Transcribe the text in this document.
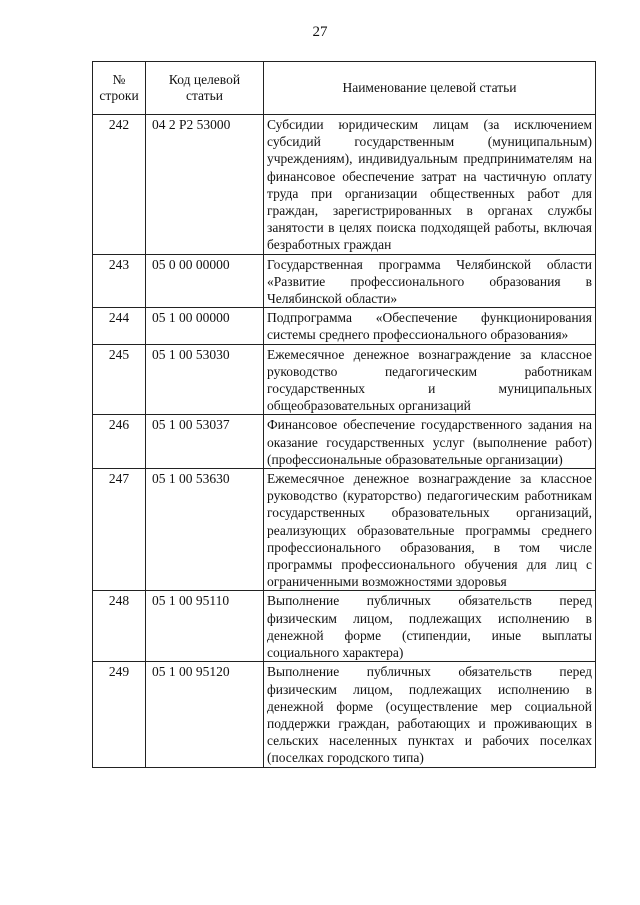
27
№ строки	Код целевой статьи	Наименование целевой статьи
242	04 2 Р2 53000	Субсидии юридическим лицам (за исключением субсидий государственным (муниципальным) учреждениям), индивидуальным предпринимателям на финансовое обеспечение затрат на частичную оплату труда при организации общественных работ для граждан, зарегистрированных в органах службы занятости в целях поиска подходящей работы, включая безработных граждан
243	05 0 00 00000	Государственная программа Челябинской области «Развитие профессионального образования в Челябинской области»
244	05 1 00 00000	Подпрограмма «Обеспечение функционирования системы среднего профессионального образования»
245	05 1 00 53030	Ежемесячное денежное вознаграждение за классное руководство педагогическим работникам государственных и муниципальных общеобразовательных организаций
246	05 1 00 53037	Финансовое обеспечение государственного задания на оказание государственных услуг (выполнение работ) (профессиональные образовательные организации)
247	05 1 00 53630	Ежемесячное денежное вознаграждение за классное руководство (кураторство) педагогическим работникам государственных образовательных организаций, реализующих образовательные программы среднего профессионального образования, в том числе программы профессионального обучения для лиц с ограниченными возможностями здоровья
248	05 1 00 95110	Выполнение публичных обязательств перед физическим лицом, подлежащих исполнению в денежной форме (стипендии, иные выплаты социального характера)
249	05 1 00 95120	Выполнение публичных обязательств перед физическим лицом, подлежащих исполнению в денежной форме (осуществление мер социальной поддержки граждан, работающих и проживающих в сельских населенных пунктах и рабочих поселках (поселках городского типа)
